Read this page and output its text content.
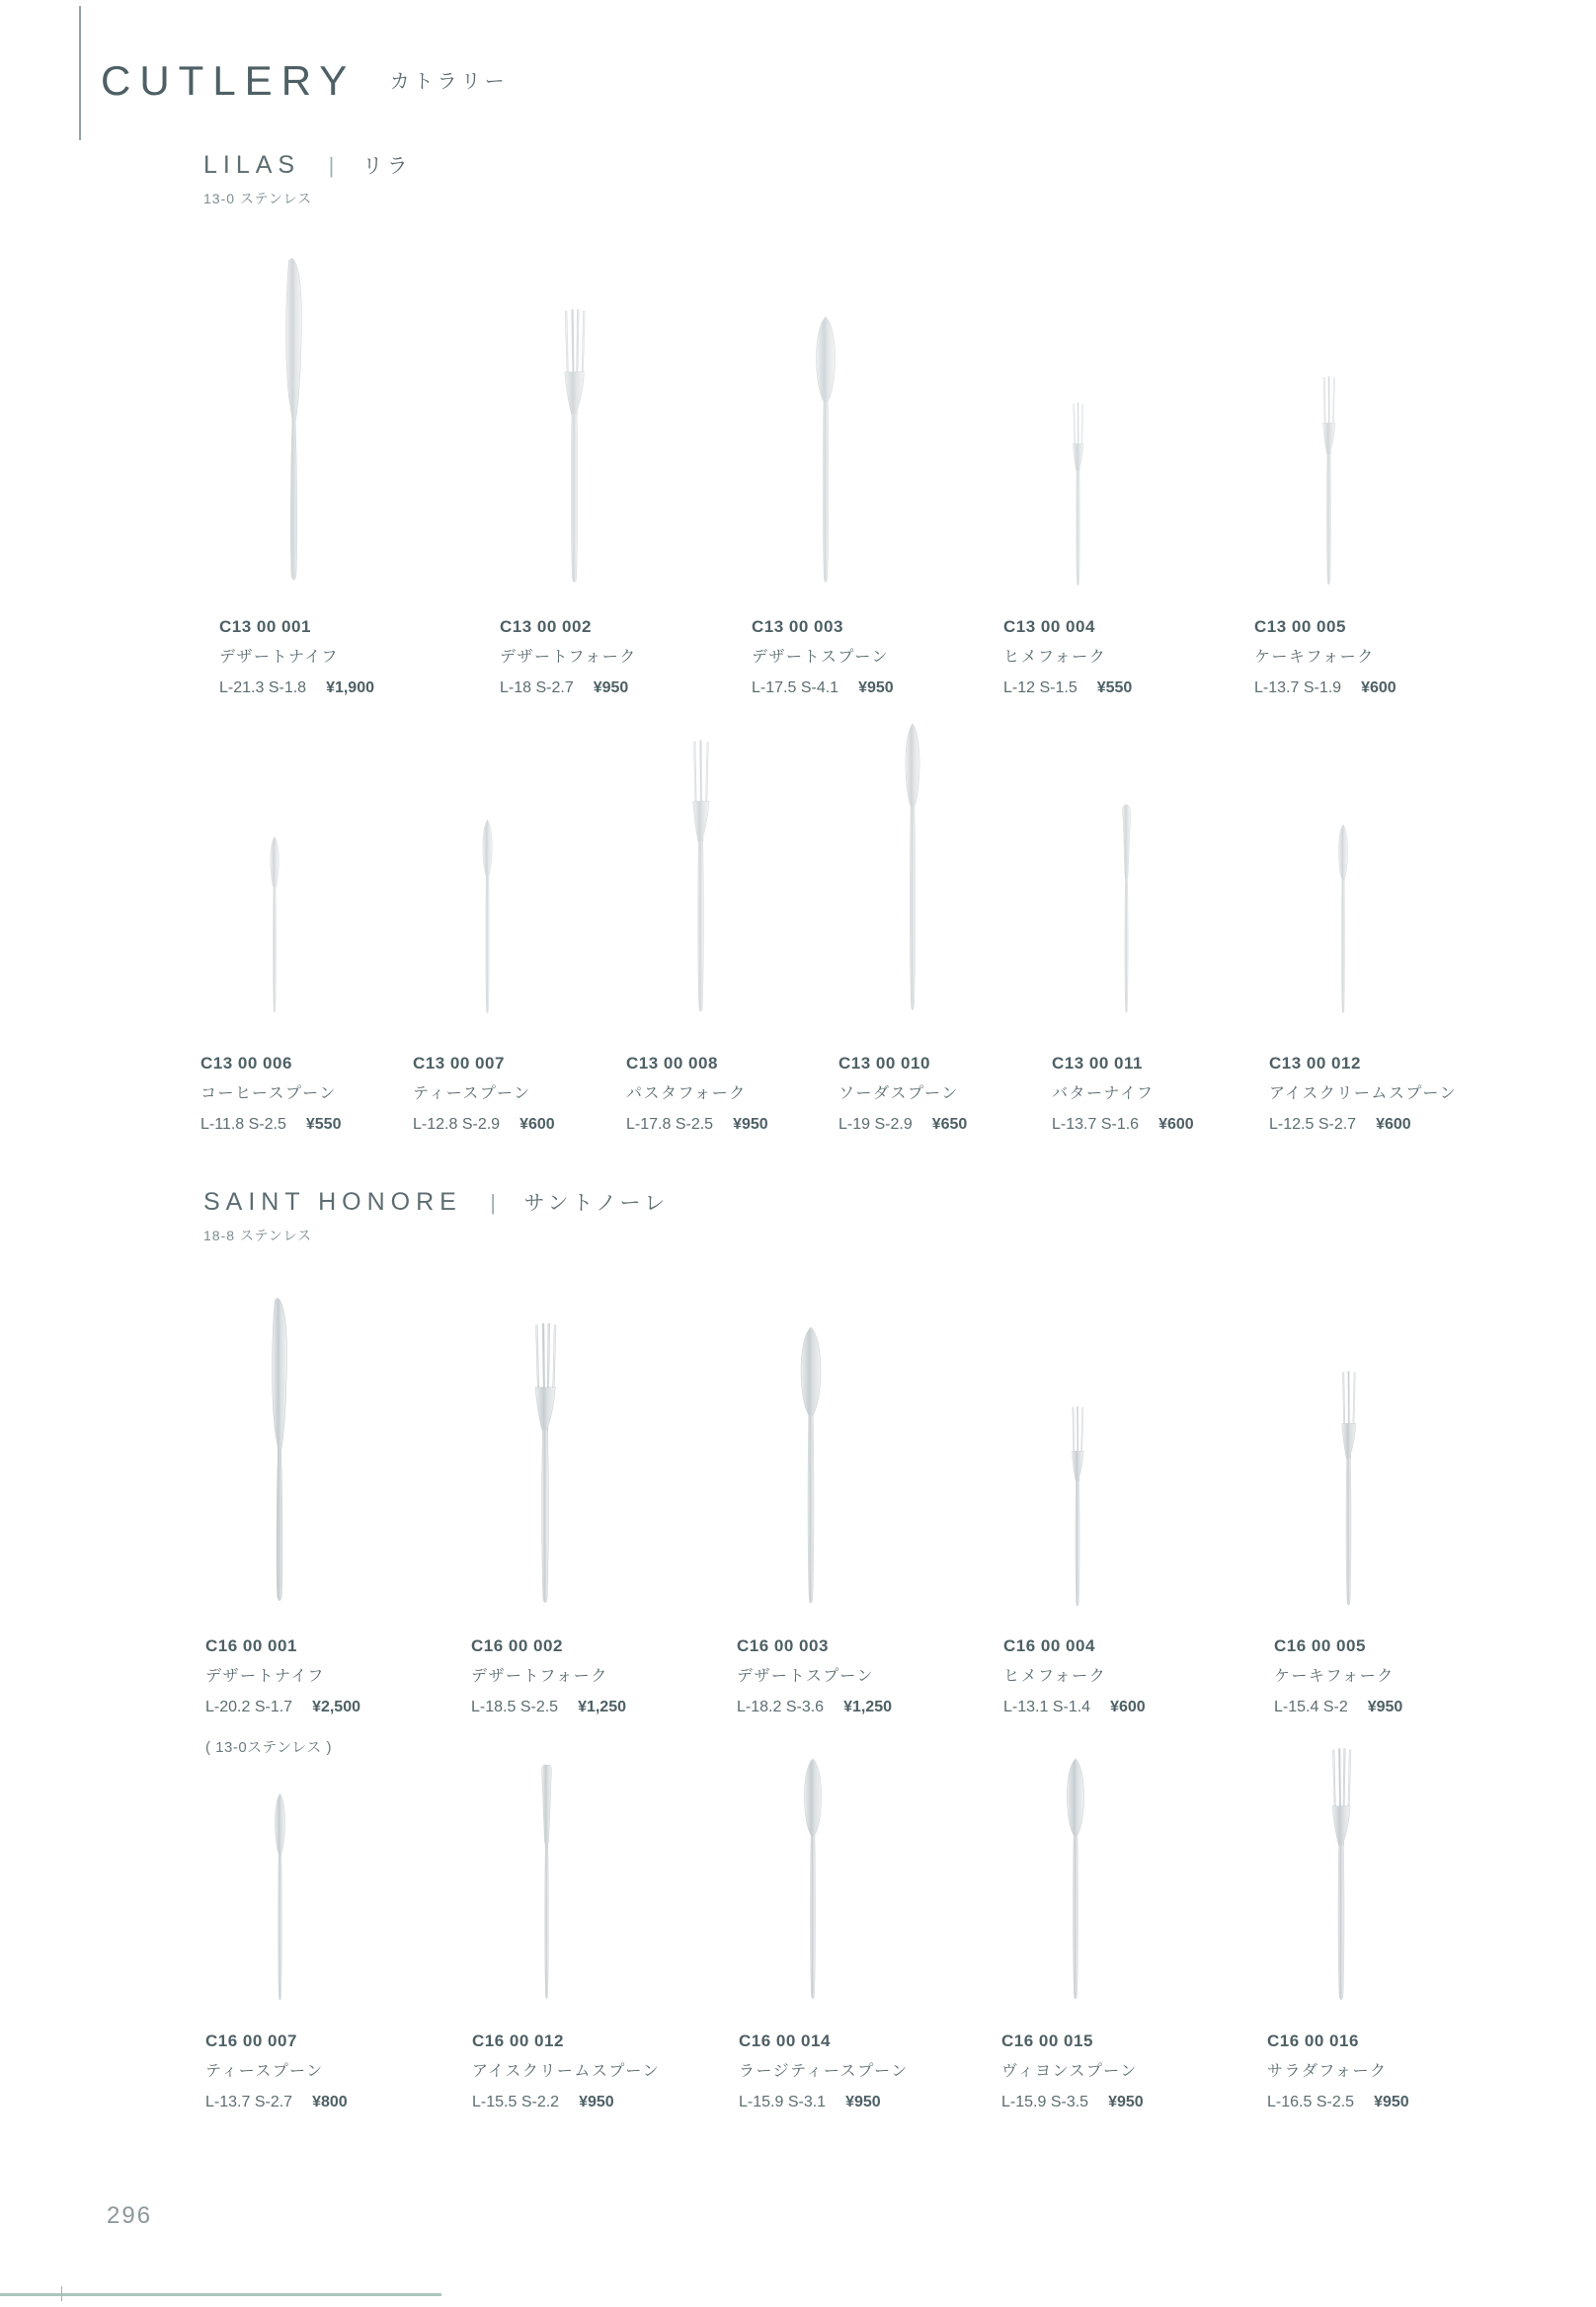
CUTLERY カトラリー
LILAS | リラ
13-0 ステンレス
C13 00 001
デザートナイフ
L-21.3 S-1.8 ¥1,900
C13 00 002
デザートフォーク
L-18 S-2.7 ¥950
C13 00 003
デザートスプーン
L-17.5 S-4.1 ¥950
C13 00 004
ヒメフォーク
L-12 S-1.5 ¥550
C13 00 005
ケーキフォーク
L-13.7 S-1.9 ¥600
C13 00 006
コーヒースプーン
L-11.8 S-2.5 ¥550
C13 00 007
ティースプーン
L-12.8 S-2.9 ¥600
C13 00 008
パスタフォーク
L-17.8 S-2.5 ¥950
C13 00 010
ソーダスプーン
L-19 S-2.9 ¥650
C13 00 011
バターナイフ
L-13.7 S-1.6 ¥600
C13 00 012
アイスクリームスプーン
L-12.5 S-2.7 ¥600
SAINT HONORE | サントノーレ
18-8 ステンレス
C16 00 001
デザートナイフ
L-20.2 S-1.7 ¥2,500
( 13-0ステンレス )
C16 00 002
デザートフォーク
L-18.5 S-2.5 ¥1,250
C16 00 003
デザートスプーン
L-18.2 S-3.6 ¥1,250
C16 00 004
ヒメフォーク
L-13.1 S-1.4 ¥600
C16 00 005
ケーキフォーク
L-15.4 S-2 ¥950
C16 00 007
ティースプーン
L-13.7 S-2.7 ¥800
C16 00 012
アイスクリームスプーン
L-15.5 S-2.2 ¥950
C16 00 014
ラージティースプーン
L-15.9 S-3.1 ¥950
C16 00 015
ヴィヨンスプーン
L-15.9 S-3.5 ¥950
C16 00 016
サラダフォーク
L-16.5 S-2.5 ¥950
296
